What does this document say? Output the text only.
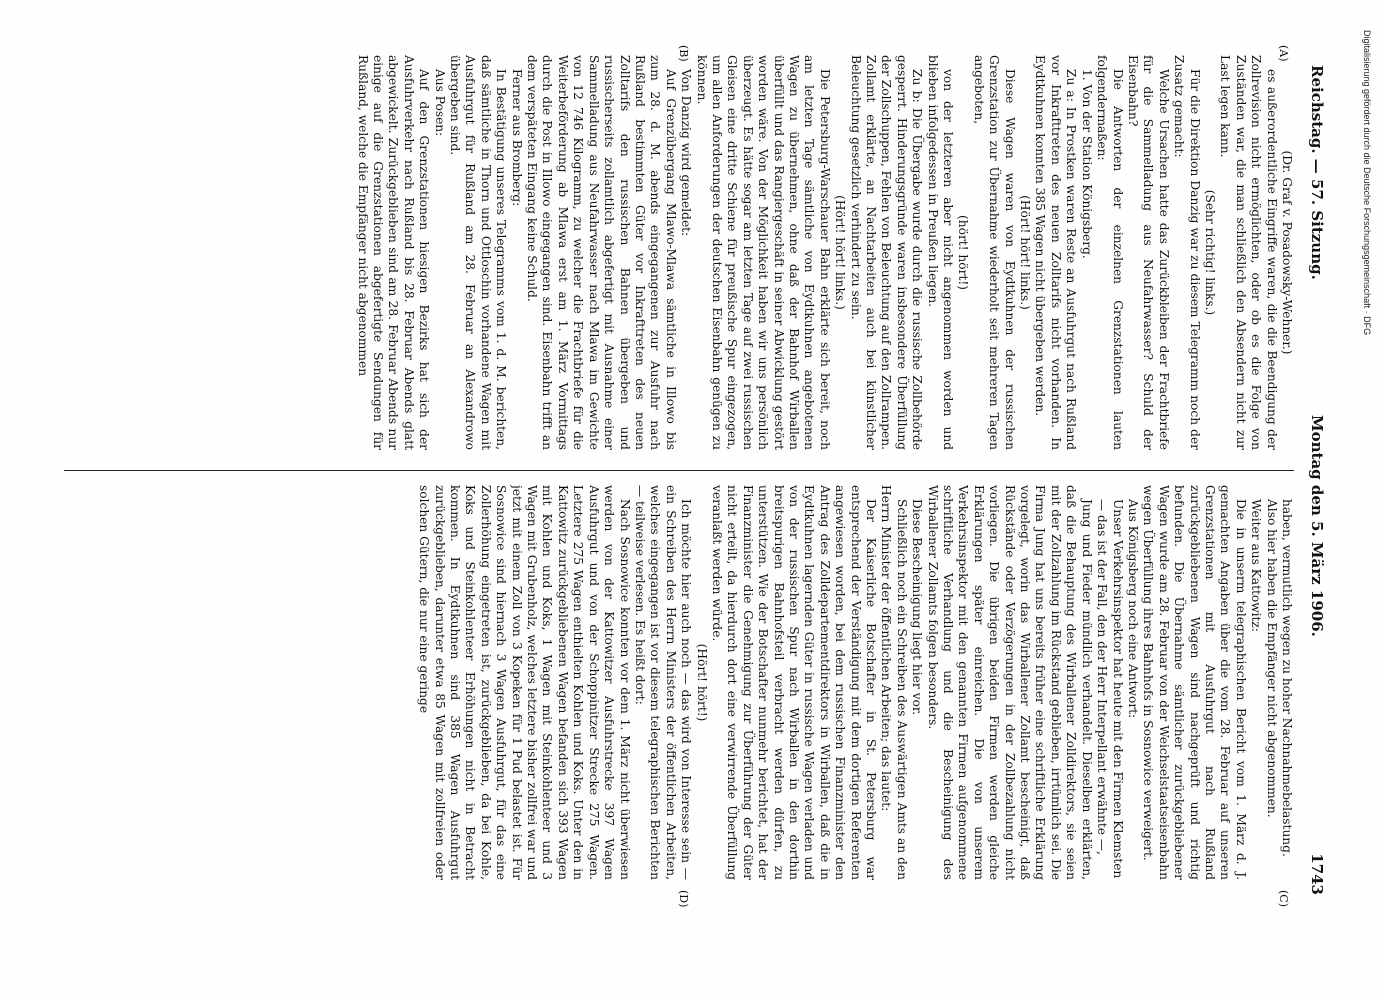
Reichstag. — 57. Sitzung.
Montag den 5. März 1906.
1743

(Dr. Graf v. Posadowsky-Wehner.)

es außerordentliche Eingriffe waren, die die Beendigung der Zollrevision nicht ermöglichten, oder ob es die Folge von Zuständen war, die man schließlich den Absendern nicht zur Last legen kann.

(Sehr richtig! links.)

Für die Direktion Danzig war zu diesem Telegramm noch der Zusatz gemacht:

Welche Ursachen hatte das Zurückbleiben der Frachtbriefe für die Sammelladung aus Neufahrwasser? Schuld der Eisenbahn?

Die Antworten der einzelnen Grenzstationen lauten folgendermaßen:

1. Von der Station Königsberg.

Zu a: In Prostken waren Reste an Ausfuhrgut nach Rußland vor Inkrafttreten des neuen Zolltarifs nicht vorhanden. In Eydtkuhnen konnten 385 Wagen nicht übergeben werden.

(Hört! hört! links.)

Diese Wagen waren von Eydtkuhnen der russischen Grenzstation zur Übernahme wiederholt seit mehreren Tagen angeboten,

(hört! hört!)

von der letzteren aber nicht angenommen worden und blieben infolgedessen in Preußen liegen.

Zu b: Die Übergabe wurde durch die russische Zollbehörde gesperrt. Hinderungsgründe waren insbesondere Überfüllung der Zollschuppen, Fehlen von Beleuchtung auf den Zollrampen. Zollamt erklärte, an Nachtarbeiten auch bei künstlicher Beleuchtung gesetzlich verhindert zu sein.

(Hört! hört! links.)

Die Petersburg-Warschauer Bahn erklärte sich bereit, noch am letzten Tage sämtliche von Eydtkuhnen angebotenen Wagen zu übernehmen, ohne daß der Bahnhof Wirballen überfüllt und das Rangiergeschäft in seiner Abwicklung gestört worden wäre. Von der Möglichkeit haben wir uns persönlich überzeugt. Es hätte sogar am letzten Tage auf zwei russischen Gleisen eine dritte Schiene für preußische Spur eingezogen, um allen Anforderungen der deutschen Eisenbahn genügen zu können.

Von Danzig wird gemeldet:

Auf Grenzübergang Mlawo-Mlawa sämtliche in Illowo bis zum 28. d. M. abends eingegangenen zur Ausfuhr nach Rußland bestimmten Güter vor Inkrafttreten des neuen Zolltarifs den russischen Bahnen übergeben und russischerseits zollamtlich abgefertigt mit Ausnahme einer Sammelladung aus Neufahrwasser nach Mlawa im Gewichte von 12 746 Kilogramm, zu welcher die Frachtbriefe für die Weiterbeförderung ab Mlawa erst am 1. März Vormittags durch die Post in Illowo eingegangen sind. Eisenbahn trifft an dem verspäteten Eingang keine Schuld.

Ferner aus Bromberg:

In Bestätigung unseres Telegramms vom 1. d. M. berichten, daß sämtliche in Thorn und Ottloschin vorhandene Wagen mit Ausfuhrgut für Rußland am 28. Februar an Alexandrowo übergeben sind.

Aus Posen:

Auf den Grenzstationen hiesigen Bezirks hat sich der Ausfuhrverkehr nach Rußland bis 28. Februar Abends glatt abgewickelt. Zurückgeblieben sind am 28. Februar Abends nur einige auf die Grenzstationen abgefertigte Sendungen für Rußland, welche die Empfänger nicht abgenommen

haben, vermutlich wegen zu hoher Nachnahmebelastung.

Also hier haben die Empfänger nicht abgenommen.

Weiter aus Kattowitz:

Die in unserm telegraphischen Bericht vom 1. März d. J. gemachten Angaben über die vom 28. Februar auf unseren Grenzstationen mit Ausfuhrgut nach Rußland zurückgebliebenen Wagen sind nachgeprüft und richtig befunden. Die Übernahme sämtlicher zurückgebliebener Wagen wurde am 28. Februar von der Weichselstaatseisenbahn wegen Überfüllung ihres Bahnhofs in Sosnowice verweigert.

Aus Königsberg noch eine Antwort:

Unser Verkehrsinspektor hat heute mit den Firmen Klemsten

— das ist der Fall, den der Herr Interpellant erwähnte —,

Jung und Fieder mündlich verhandelt. Dieselben erklärten, daß die Behauptung des Wirballener Zolldirektors, sie seien mit der Zollzahlung im Rückstand geblieben, irrtümlich sei. Die Firma Jung hat uns bereits früher eine schriftliche Erklärung vorgelegt, worin das Wirballener Zollamt bescheinigt, daß Rückstände oder Verzögerungen in der Zollbezahlung nicht vorliegen. Die übrigen beiden Firmen werden gleiche Erklärungen später einreichen. Die von unserem Verkehrsinspektor mit den genannten Firmen aufgenommene schriftliche Verhandlung und die Bescheinigung des Wirballener Zollamts folgen besonders.

Diese Bescheinigung liegt hier vor.

Schließlich noch ein Schreiben des Auswärtigen Amts an den Herrn Minister der öffentlichen Arbeiten; das lautet:

Der Kaiserliche Botschafter in St. Petersburg war entsprechend der Verständigung mit dem dortigen Referenten angewiesen worden, bei dem russischen Finanzminister den Antrag des Zolldepartementdirektors in Wirballen, daß die in Eydtkuhnen lagernden Güter in russische Wagen verladen und von der russischen Spur nach Wirballen in den dorthin breitspurigen Bahnhofsteil verbracht werden dürfen, zu unterstützen. Wie der Botschafter nunmehr berichtet, hat der Finanzminister die Genehmigung zur Überführung der Güter nicht erteilt, da hierdurch dort eine verwirrende Überfüllung veranlaßt werden würde.

(Hört! hört!)

Ich möchte hier auch noch — das wird von Interesse sein — ein Schreiben des Herrn Ministers der öffentlichen Arbeiten, welches eingegangen ist vor diesem telegraphischen Berichten — teilweise verlesen. Es heißt dort:

Nach Sosnowice konnten vor dem 1. März nicht überwiesen werden von der Kattowitzer Ausfuhrstrecke 397 Wagen Ausfuhrgut und von der Schoppinitzer Strecke 275 Wagen. Letztere 275 Wagen enthielten Kohlen und Koks. Unter den in Kattowitz zurückgebliebenen Wagen befanden sich 393 Wagen mit Kohlen und Koks, 1 Wagen mit Steinkohlenteer und 3 Wagen mit Grubenholz, welches letztere bisher zollfrei war und jetzt mit einem Zoll von 3 Kopeken für 1 Pud belastet ist. Für Sosnowice sind hiernach 3 Wagen Ausfuhrgut, für das eine Zollerhöhung eingetreten ist, zurückgeblieben, da bei Kohle, Koks und Steinkohlenteer Erhöhungen nicht in Betracht kommen. In Eydtkuhnen sind 385 Wagen Ausfuhrgut zurückgeblieben, darunter etwa 85 Wagen mit zollfreien oder solchen Gütern, die nur eine geringe

(A)
(B)
(C)
(D)
Digitalisierung gefördert durch die Deutsche Forschungsgemeinschaft · DFG
